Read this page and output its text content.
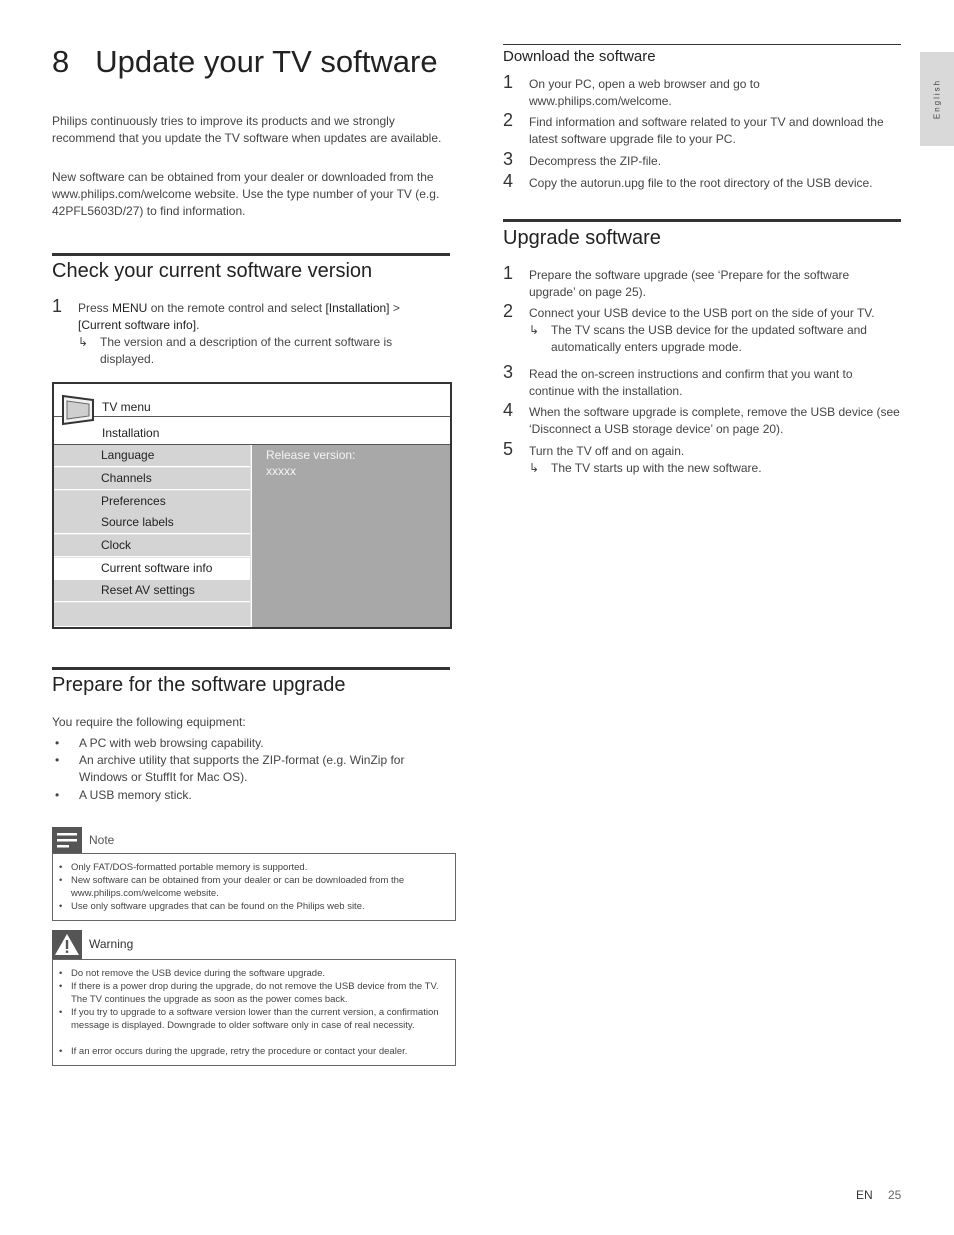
8 Update your TV software

Philips continuously tries to improve its products and we strongly recommend that you update the TV software when updates are available.

New software can be obtained from your dealer or downloaded from the www.philips.com/welcome website. Use the type number of your TV (e.g. 42PFL5603D/27) to find information.

Check your current software version
1 Press MENU on the remote control and select [Installation] > [Current software info].
↳ The version and a description of the current software is displayed.
TV menu
Installation
Language
Channels
Preferences
Source labels
Clock
Current software info
Reset AV settings
Release version:
xxxxx
Prepare for the software upgrade

You require the following equipment:

• A PC with web browsing capability.
• An archive utility that supports the ZIP-format (e.g. WinZip for Windows or StuffIt for Mac OS).
• A USB memory stick.
Note
• Only FAT/DOS-formatted portable memory is supported.
• New software can be obtained from your dealer or can be downloaded from the www.philips.com/welcome website.
• Use only software upgrades that can be found on the Philips web site.
Warning
• Do not remove the USB device during the software upgrade.
• If there is a power drop during the upgrade, do not remove the USB device from the TV. The TV continues the upgrade as soon as the power comes back.
• If you try to upgrade to a software version lower than the current version, a confirmation message is displayed. Downgrade to older software only in case of real necessity.
• If an error occurs during the upgrade, retry the procedure or contact your dealer.
Download the software
1 On your PC, open a web browser and go to www.philips.com/welcome.
2 Find information and software related to your TV and download the latest software upgrade file to your PC.
3 Decompress the ZIP-file.
4 Copy the autorun.upg file to the root directory of the USB device.
Upgrade software
1 Prepare the software upgrade (see ‘Prepare for the software upgrade’ on page 25).
2 Connect your USB device to the USB port on the side of your TV.
↳ The TV scans the USB device for the updated software and automatically enters upgrade mode.
3 Read the on-screen instructions and confirm that you want to continue with the installation.
4 When the software upgrade is complete, remove the USB device (see ‘Disconnect a USB storage device’ on page 20).
5 Turn the TV off and on again.
↳ The TV starts up with the new software.
English
EN 25
